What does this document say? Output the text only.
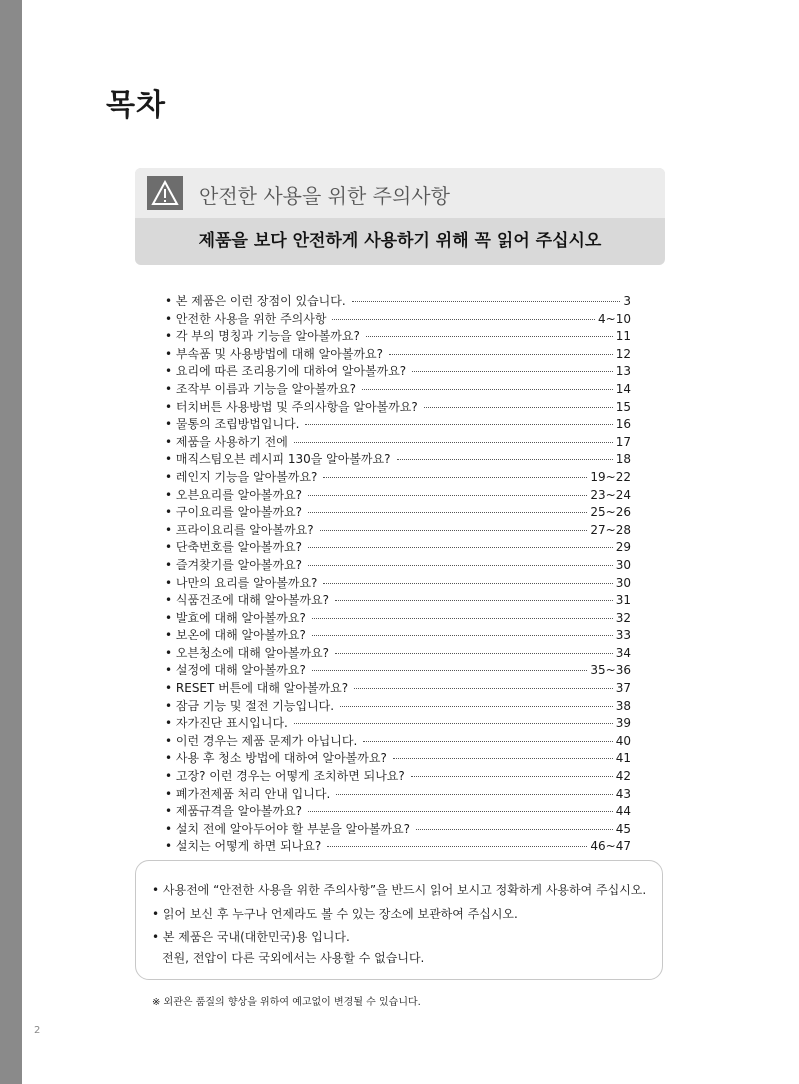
목차
안전한 사용을 위한 주의사항
제품을 보다 안전하게 사용하기 위해 꼭 읽어 주십시오
• 본 제품은 이런 장점이 있습니다.	3
• 안전한 사용을 위한 주의사항	4~10
• 각 부의 명칭과 기능을 알아볼까요?	11
• 부속품 및 사용방법에 대해 알아볼까요?	12
• 요리에 따른 조리용기에 대하여 알아볼까요?	13
• 조작부 이름과 기능을 알아볼까요?	14
• 터치버튼 사용방법 및 주의사항을 알아볼까요?	15
• 물통의 조립방법입니다.	16
• 제품을 사용하기 전에	17
• 매직스팀오븐 레시피 130을 알아볼까요?	18
• 레인지 기능을 알아볼까요?	19~22
• 오븐요리를 알아볼까요?	23~24
• 구이요리를 알아볼까요?	25~26
• 프라이요리를 알아볼까요?	27~28
• 단축번호를 알아볼까요?	29
• 즐겨찾기를 알아볼까요?	30
• 나만의 요리를 알아볼까요?	30
• 식품건조에 대해 알아볼까요?	31
• 발효에 대해 알아볼까요?	32
• 보온에 대해 알아볼까요?	33
• 오븐청소에 대해 알아볼까요?	34
• 설정에 대해 알아볼까요?	35~36
• RESET 버튼에 대해 알아볼까요?	37
• 잠금 기능 및 절전 기능입니다.	38
• 자가진단 표시입니다.	39
• 이런 경우는 제품 문제가 아닙니다.	40
• 사용 후 청소 방법에 대하여 알아볼까요?	41
• 고장? 이런 경우는 어떻게 조치하면 되나요?	42
• 폐가전제품 처리 안내 입니다.	43
• 제품규격을 알아볼까요?	44
• 설치 전에 알아두어야 할 부분을 알아볼까요?	45
• 설치는 어떻게 하면 되나요?	46~47

• 사용전에 “안전한 사용을 위한 주의사항”을 반드시 읽어 보시고 정확하게 사용하여 주십시오.

• 읽어 보신 후 누구나 언제라도 볼 수 있는 장소에 보관하여 주십시오.

• 본 제품은 국내(대한민국)용 입니다.

전원, 전압이 다른 국외에서는 사용할 수 없습니다.

※ 외관은 품질의 향상을 위하여 예고없이 변경될 수 있습니다.

2
